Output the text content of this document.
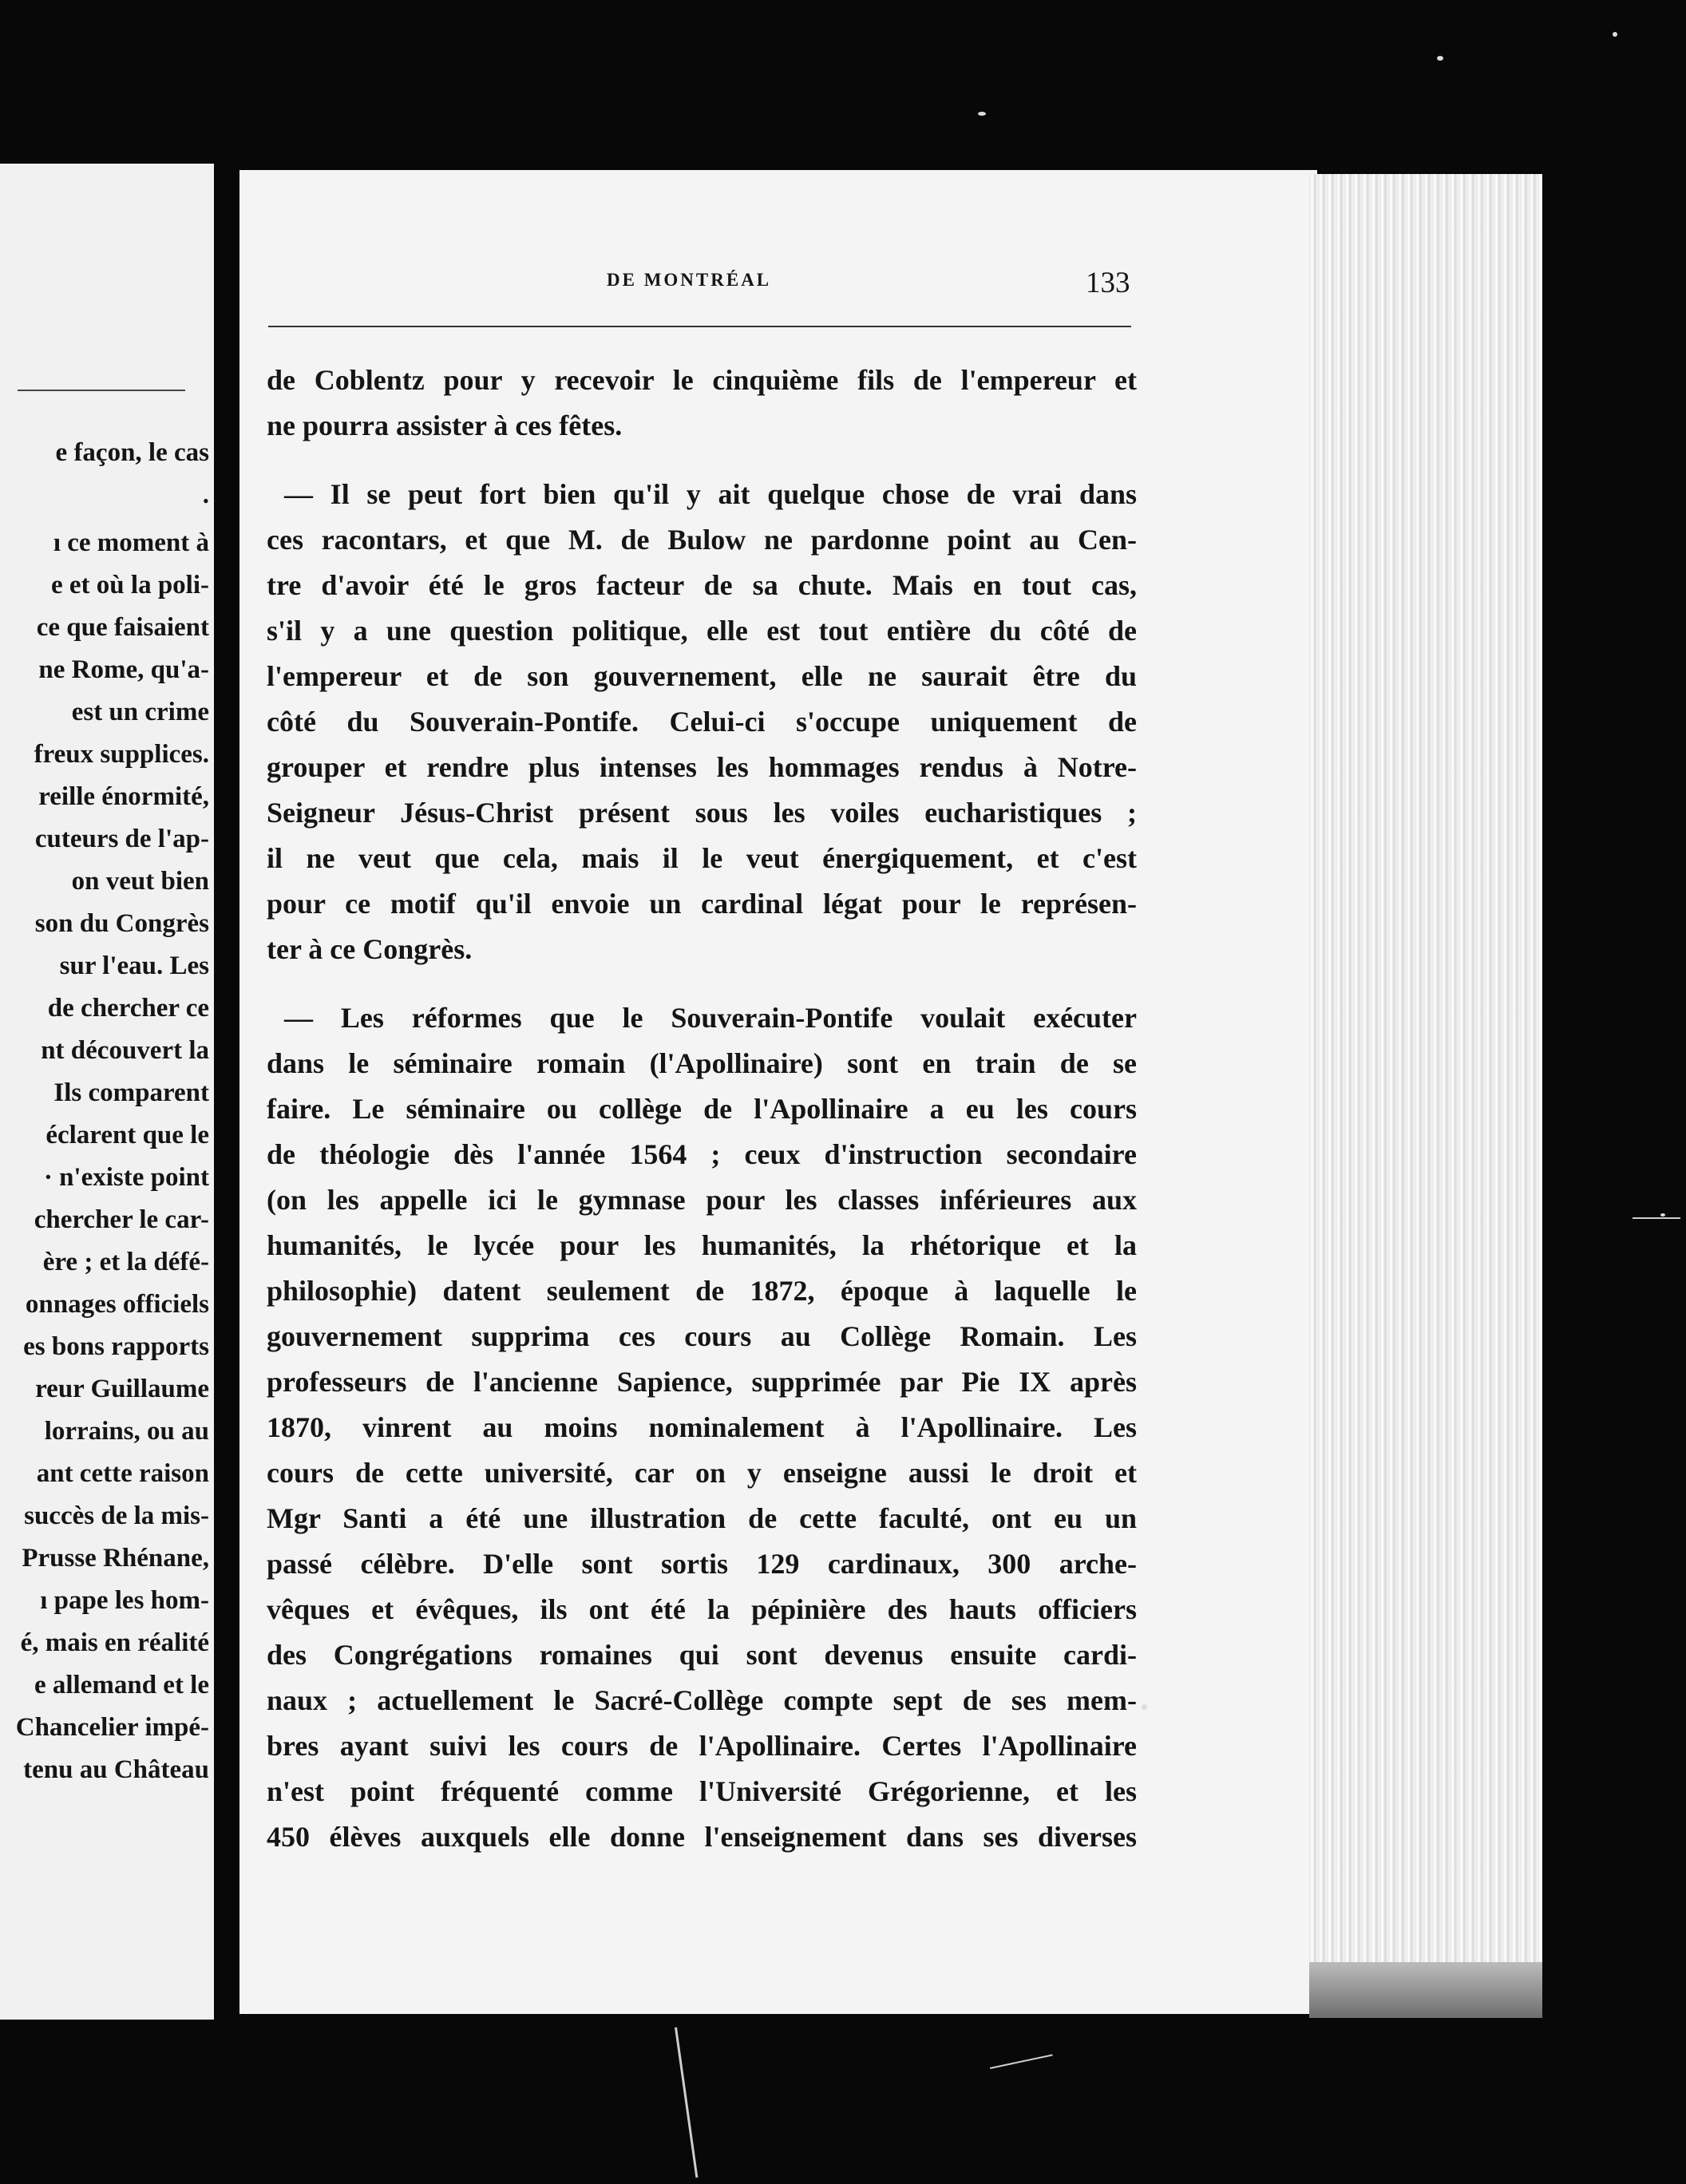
e façon, le cas
.
ı ce moment à
e et où la poli-
ce que faisaient
ne Rome, qu'a-
est un crime
freux supplices.
reille énormité,
cuteurs de l'ap-
on veut bien
son du Congrès
sur l'eau. Les
de chercher ce
nt découvert la
Ils comparent
éclarent que le
· n'existe point
chercher le car-
ère ; et la défé-
onnages officiels
es bons rapports
reur Guillaume
lorrains, ou au
ant cette raison
succès de la mis-
Prusse Rhénane,
ı pape les hom-
é, mais en réalité
e allemand et le
Chancelier impé-
tenu au Château
DE MONTRÉAL	133
de Coblentz pour y recevoir le cinquième fils de l'empereur et
ne pourra assister à ces fêtes.
— Il se peut fort bien qu'il y ait quelque chose de vrai dans
ces racontars, et que M. de Bulow ne pardonne point au Cen-
tre d'avoir été le gros facteur de sa chute. Mais en tout cas,
s'il y a une question politique, elle est tout entière du côté de
l'empereur et de son gouvernement, elle ne saurait être du
côté du Souverain-Pontife. Celui-ci s'occupe uniquement de
grouper et rendre plus intenses les hommages rendus à Notre-
Seigneur Jésus-Christ présent sous les voiles eucharistiques ;
il ne veut que cela, mais il le veut énergiquement, et c'est
pour ce motif qu'il envoie un cardinal légat pour le représen-
ter à ce Congrès.
— Les réformes que le Souverain-Pontife voulait exécuter
dans le séminaire romain (l'Apollinaire) sont en train de se
faire. Le séminaire ou collège de l'Apollinaire a eu les cours
de théologie dès l'année 1564 ; ceux d'instruction secondaire
(on les appelle ici le gymnase pour les classes inférieures aux
humanités, le lycée pour les humanités, la rhétorique et la
philosophie) datent seulement de 1872, époque à laquelle le
gouvernement supprima ces cours au Collège Romain. Les
professeurs de l'ancienne Sapience, supprimée par Pie IX après
1870, vinrent au moins nominalement à l'Apollinaire. Les
cours de cette université, car on y enseigne aussi le droit et
Mgr Santi a été une illustration de cette faculté, ont eu un
passé célèbre. D'elle sont sortis 129 cardinaux, 300 arche-
vêques et évêques, ils ont été la pépinière des hauts officiers
des Congrégations romaines qui sont devenus ensuite cardi-
naux ; actuellement le Sacré-Collège compte sept de ses mem-
bres ayant suivi les cours de l'Apollinaire. Certes l'Apollinaire
n'est point fréquenté comme l'Université Grégorienne, et les
450 élèves auxquels elle donne l'enseignement dans ses diverses
